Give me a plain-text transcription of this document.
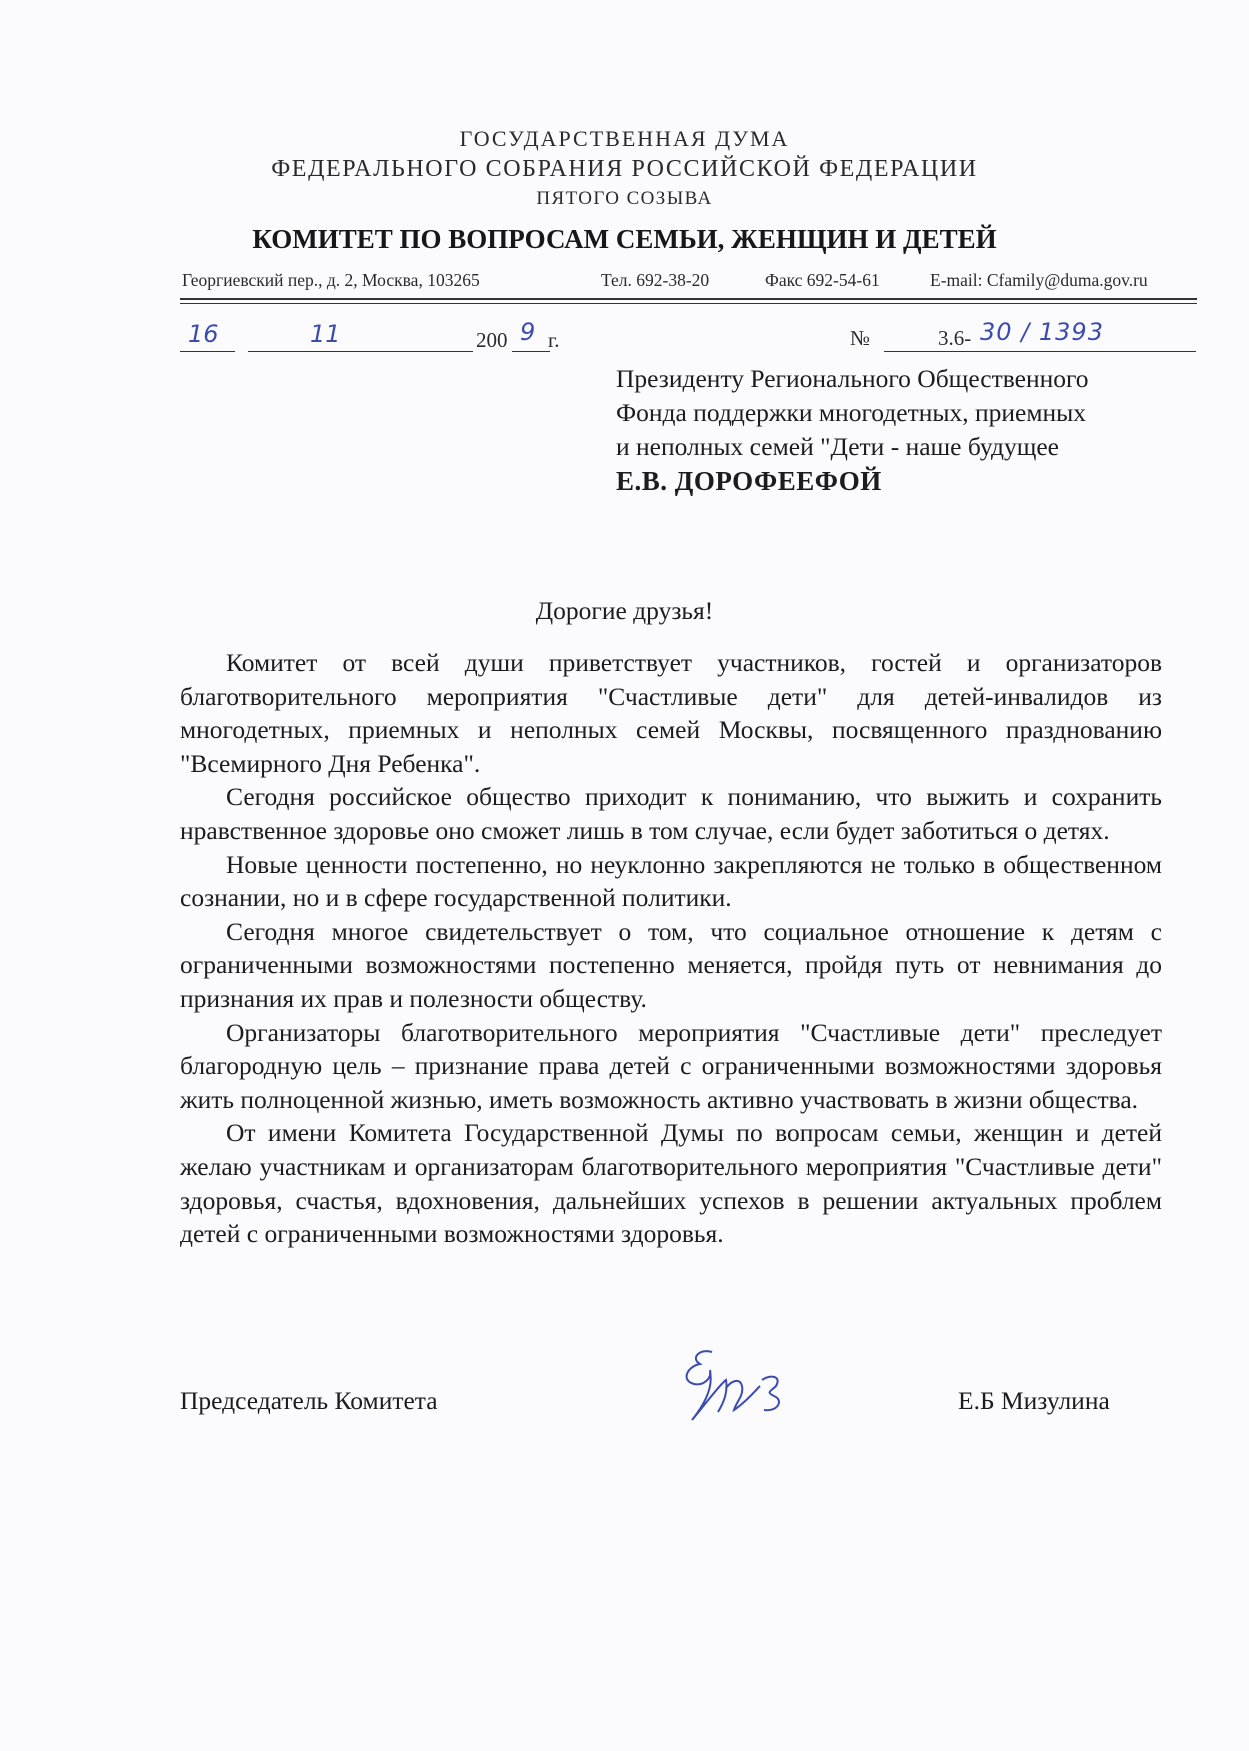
ГОСУДАРСТВЕННАЯ ДУМА
ФЕДЕРАЛЬНОГО СОБРАНИЯ РОССИЙСКОЙ ФЕДЕРАЦИИ
ПЯТОГО СОЗЫВА
КОМИТЕТ ПО ВОПРОСАМ СЕМЬИ, ЖЕНЩИН И ДЕТЕЙ
Георгиевский пер., д. 2, Москва, 103265	Тел. 692-38-20	Факс 692-54-61	E-mail: Cfamily@duma.gov.ru
16	11	200 9 г.	№	3.6- 30 / 1393
Президенту Регионального Общественного
Фонда поддержки многодетных, приемных
и неполных семей "Дети - наше будущее
Е.В. ДОРОФЕЕФОЙ
Дорогие друзья!

Комитет от всей души приветствует участников, гостей и организаторов благотворительного мероприятия "Счастливые дети" для детей-инвалидов из многодетных, приемных и неполных семей Москвы, посвященного празднованию "Всемирного Дня Ребенка".

Сегодня российское общество приходит к пониманию, что выжить и сохранить нравственное здоровье оно сможет лишь в том случае, если будет заботиться о детях.

Новые ценности постепенно, но неуклонно закрепляются не только в общественном сознании, но и в сфере государственной политики.

Сегодня многое свидетельствует о том, что социальное отношение к детям с ограниченными возможностями постепенно меняется, пройдя путь от невнимания до признания их прав и полезности обществу.

Организаторы благотворительного мероприятия "Счастливые дети" преследует благородную цель – признание права детей с ограниченными возможностями здоровья жить полноценной жизнью, иметь возможность активно участвовать в жизни общества.

От имени Комитета Государственной Думы по вопросам семьи, женщин и детей желаю участникам и организаторам благотворительного мероприятия "Счастливые дети" здоровья, счастья, вдохновения, дальнейших успехов в решении актуальных проблем детей с ограниченными возможностями здоровья.

Председатель Комитета	Е.Б Мизулина
